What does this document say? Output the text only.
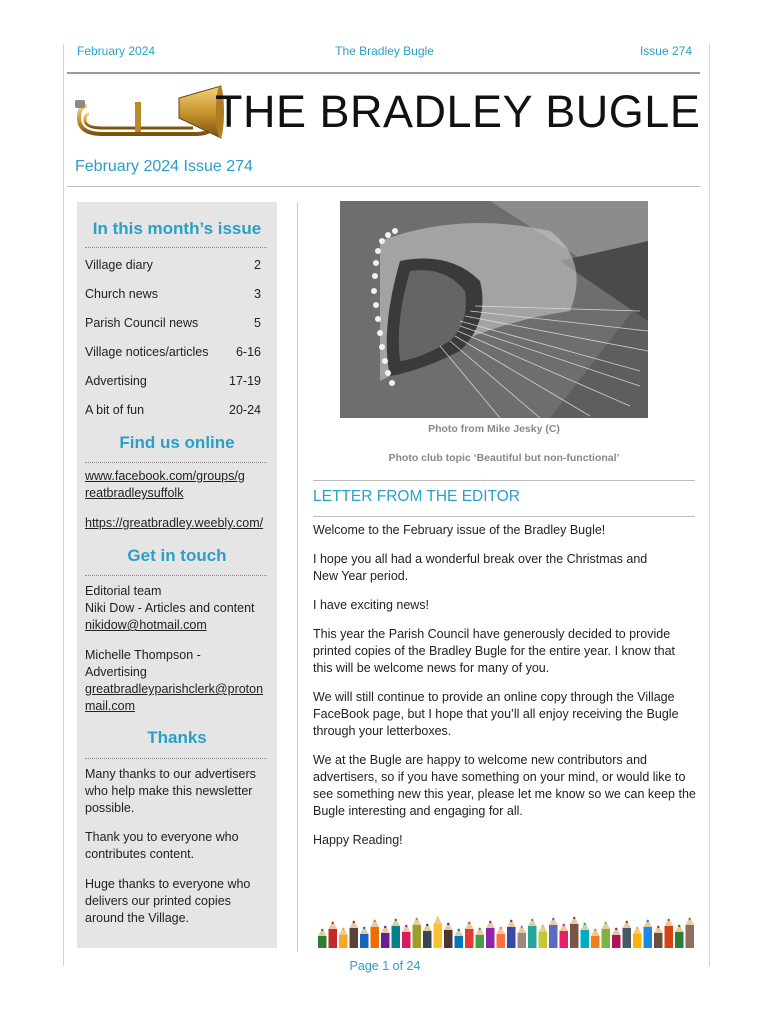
February 2024	The Bradley Bugle	Issue 274
THE BRADLEY BUGLE
February 2024 Issue 274
In this month’s issue
Village diary	2
Church news	3
Parish Council news	5
Village notices/articles 6-16
Advertising	17-19
A bit of fun	20-24
Find us online
www.facebook.com/groups/greatbradleysuffolk
https://greatbradley.weebly.com/
Get in touch
Editorial team
Niki Dow - Articles and content
nikidow@hotmail.com
Michelle Thompson - Advertising
greatbradleyparishclerk@protonmail.com
Thanks
Many thanks to our advertisers who help make this newsletter possible.
Thank you to everyone who contributes content.
Huge thanks to everyone who delivers our printed copies around the Village.
Photo from Mike Jesky (C)
Photo club topic ‘Beautiful but non-functional’
LETTER FROM THE EDITOR
Welcome to the February issue of the Bradley Bugle!
I hope you all had a wonderful break over the Christmas and New Year period.
I have exciting news!
This year the Parish Council have generously decided to provide printed copies of the Bradley Bugle for the entire year. I know that this will be welcome news for many of you.
We will still continue to provide an online copy through the Village FaceBook page, but I hope that you’ll all enjoy receiving the Bugle through your letterboxes.
We at the Bugle are happy to welcome new contributors and advertisers, so if you have something on your mind, or would like to see something new this year, please let me know so we can keep the Bugle interesting and engaging for all.
Happy Reading!
Page 1 of 24
